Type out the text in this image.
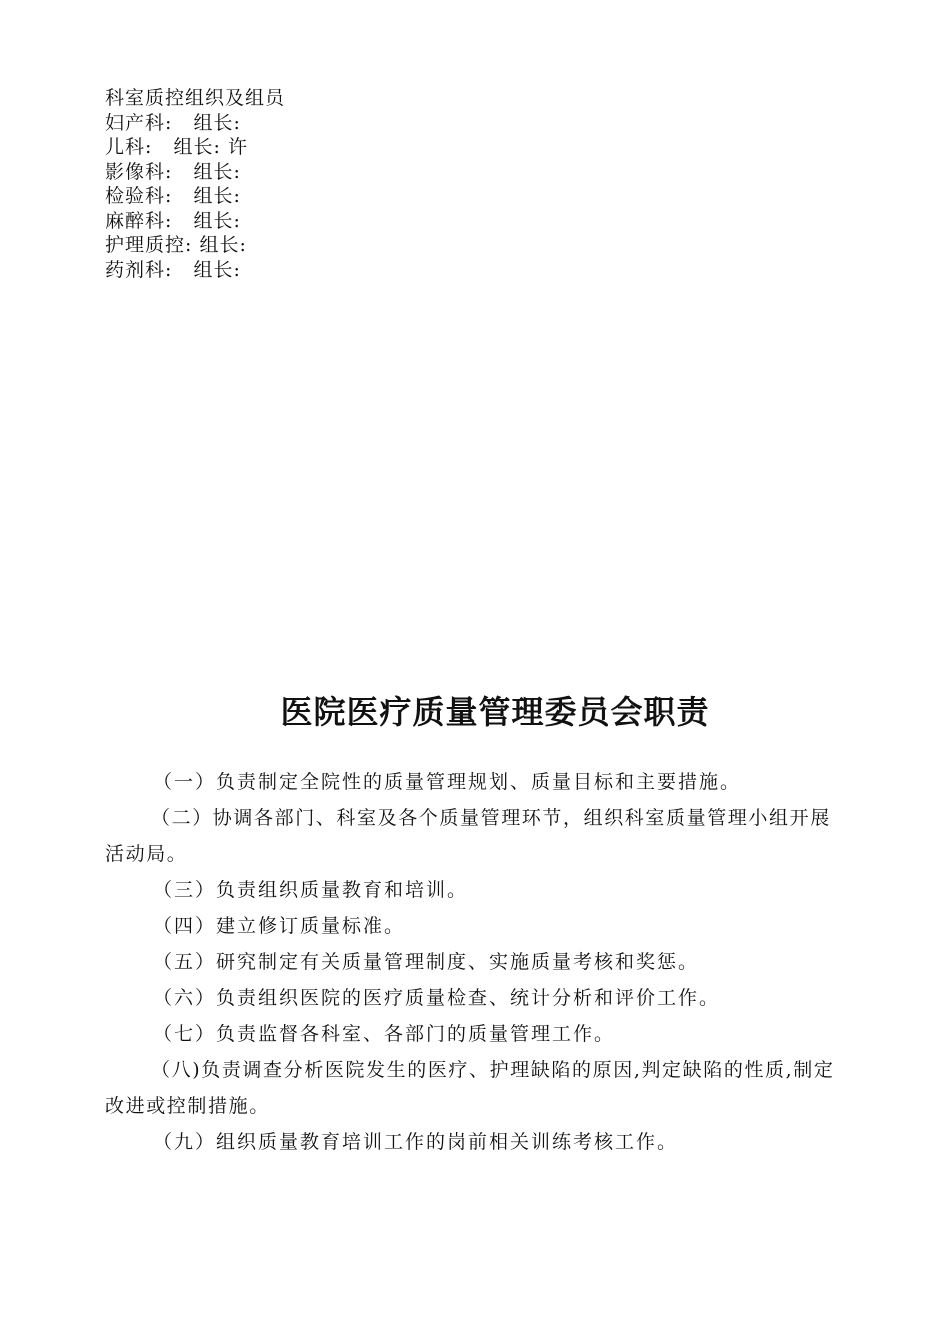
科室质控组织及组员
妇产科:   组长:
儿科:   组长: 许
影像科:   组长:
检验科:   组长:
麻醉科:   组长:
护理质控: 组长:
药剂科:   组长:
医院医疗质量管理委员会职责

（一）负责制定全院性的质量管理规划、质量目标和主要措施。

（二）协调各部门、科室及各个质量管理环节，组织科室质量管理小组开展活动局。

（三）负责组织质量教育和培训。

（四）建立修订质量标准。

（五）研究制定有关质量管理制度、实施质量考核和奖惩。

（六）负责组织医院的医疗质量检查、统计分析和评价工作。

（七）负责监督各科室、各部门的质量管理工作。

（八)负责调查分析医院发生的医疗、护理缺陷的原因,判定缺陷的性质,制定改进或控制措施。

（九）组织质量教育培训工作的岗前相关训练考核工作。
